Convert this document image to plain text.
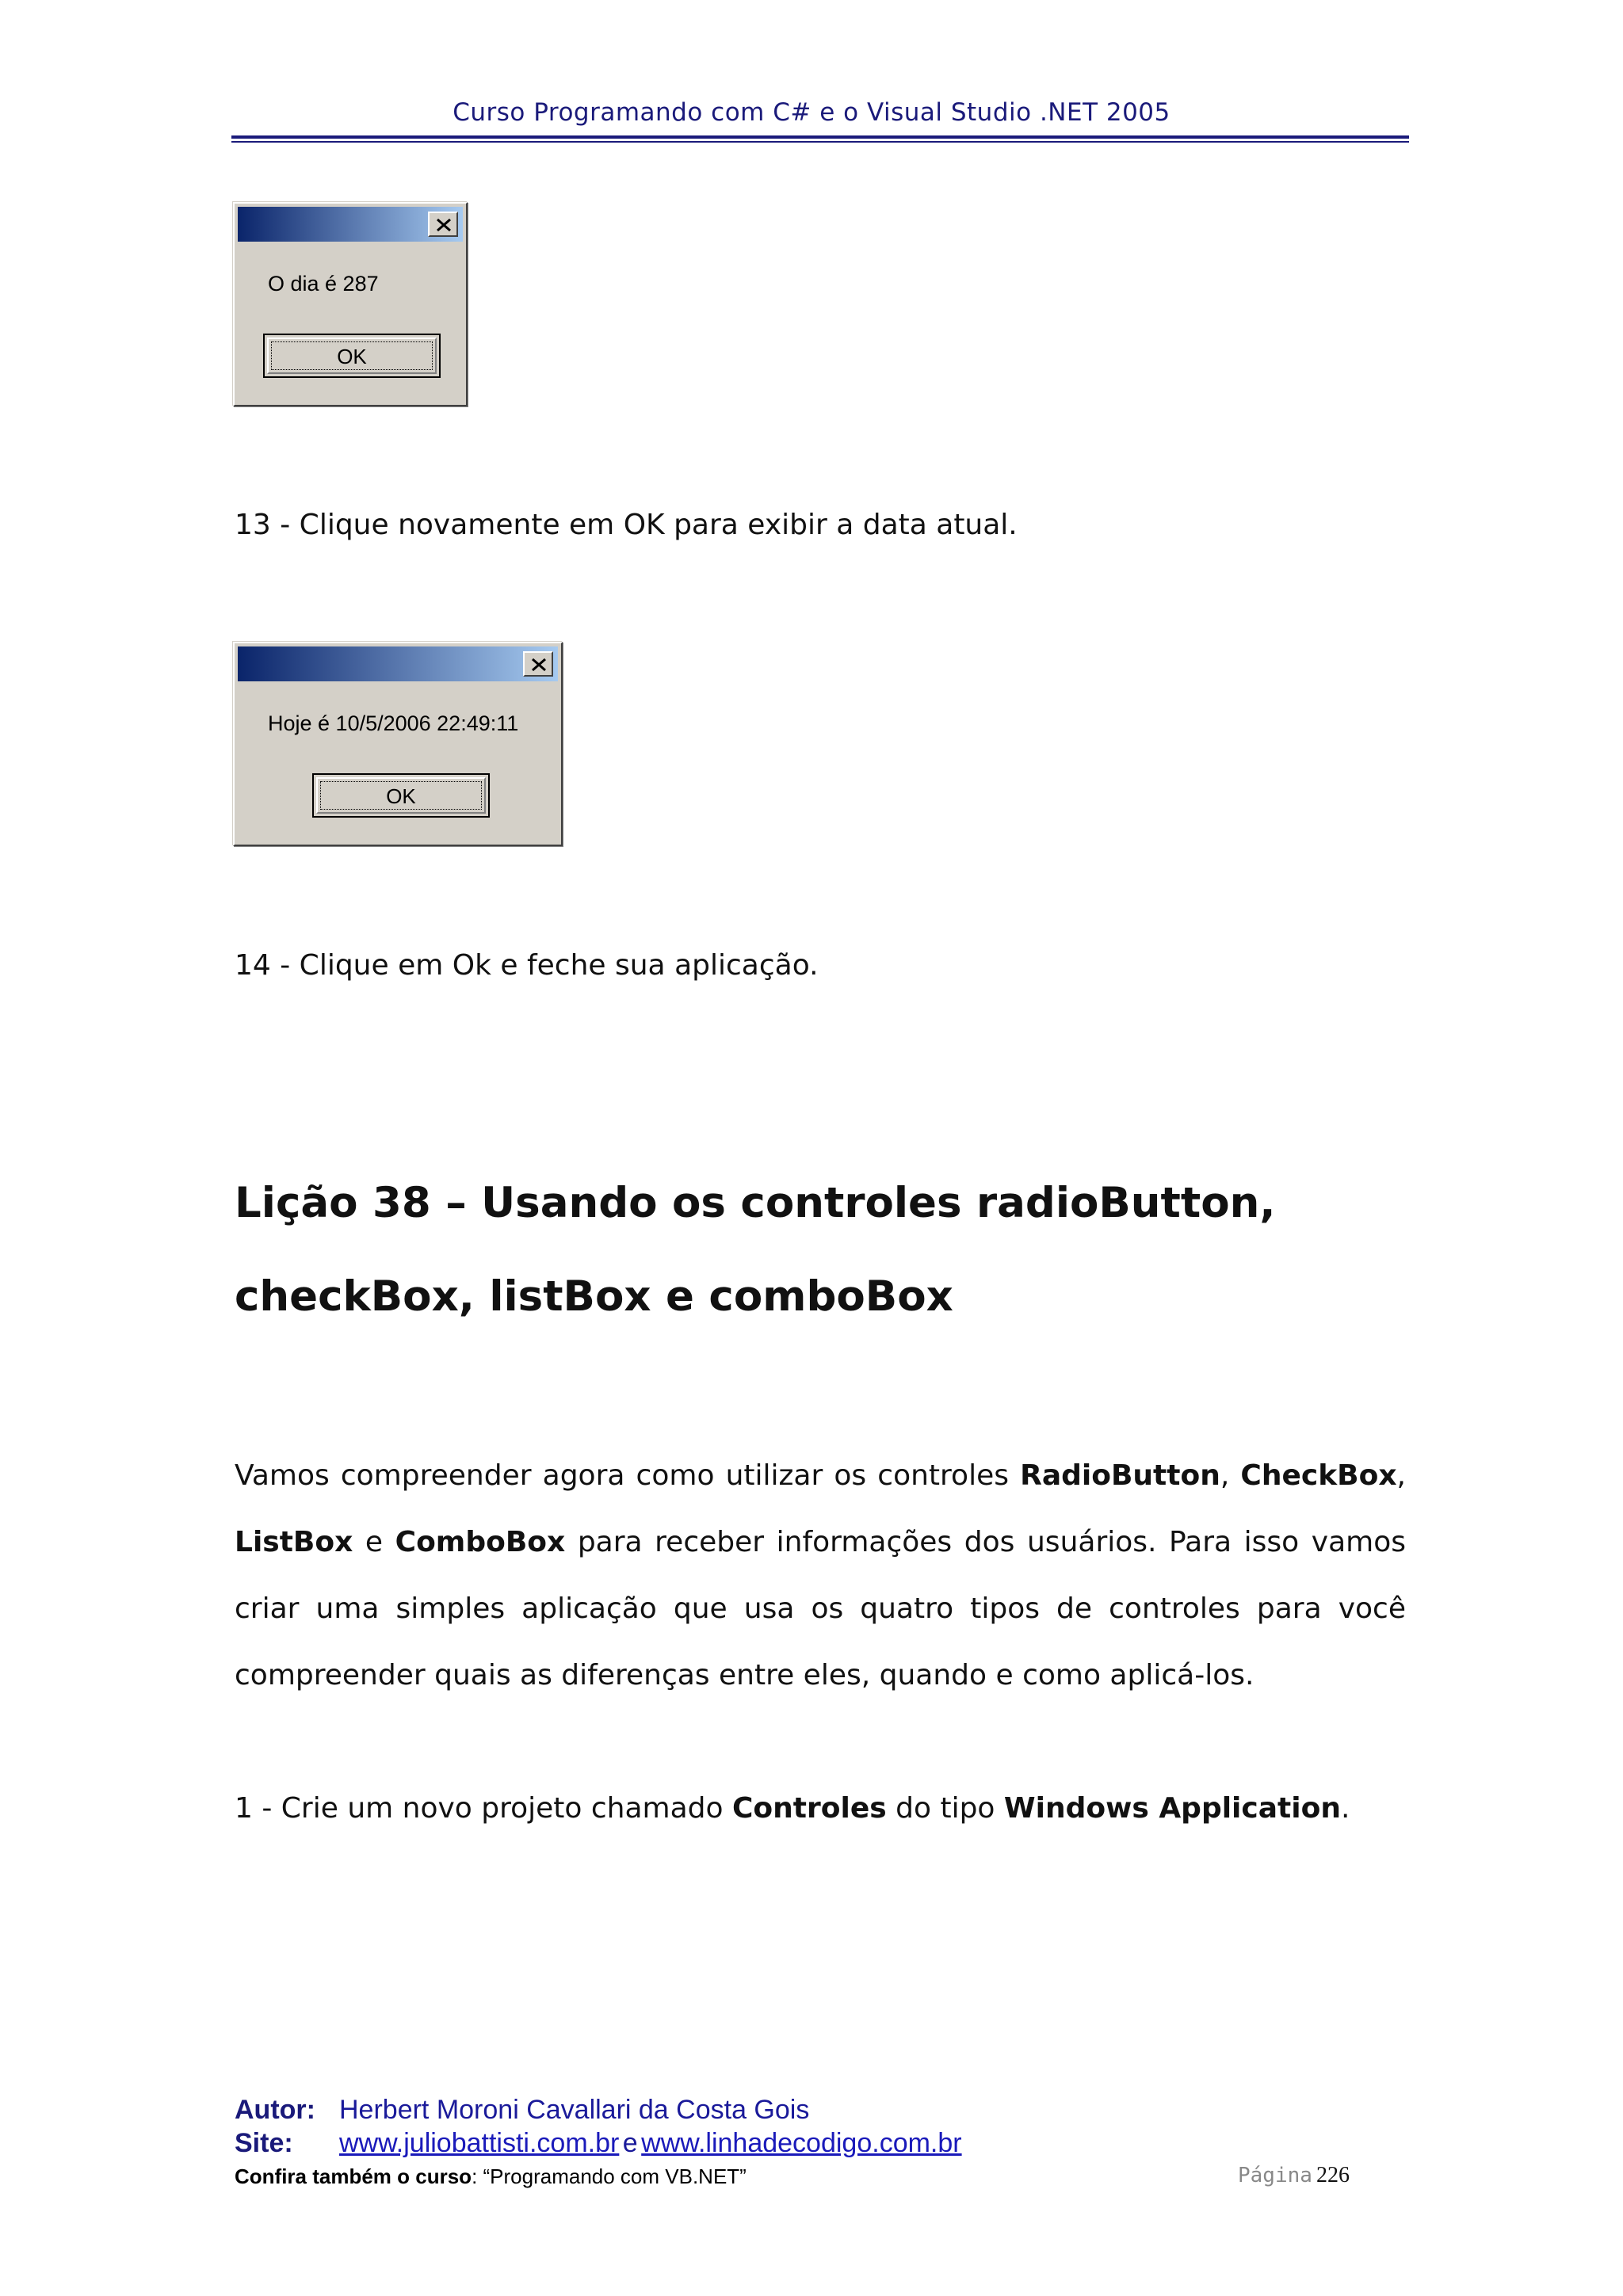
Curso Programando com C# e o Visual Studio .NET 2005
O dia é 287
OK
13 - Clique novamente em OK para exibir a data atual.
Hoje é 10/5/2006 22:49:11
OK
14 - Clique em Ok e feche sua aplicação.
Lição 38 – Usando os controles radioButton,
checkBox, listBox e comboBox
Vamos compreender agora como utilizar os controles RadioButton, CheckBox,
ListBox e ComboBox para receber informações dos usuários. Para isso vamos
criar uma simples aplicação que usa os quatro tipos de controles para você
compreender quais as diferenças entre eles, quando e como aplicá-los.
1 - Crie um novo projeto chamado Controles do tipo Windows Application.
Autor: Herbert Moroni Cavallari da Costa Gois
Site: www.juliobattisti.com.br e www.linhadecodigo.com.br
Confira também o curso: “Programando com VB.NET”	Página 226
